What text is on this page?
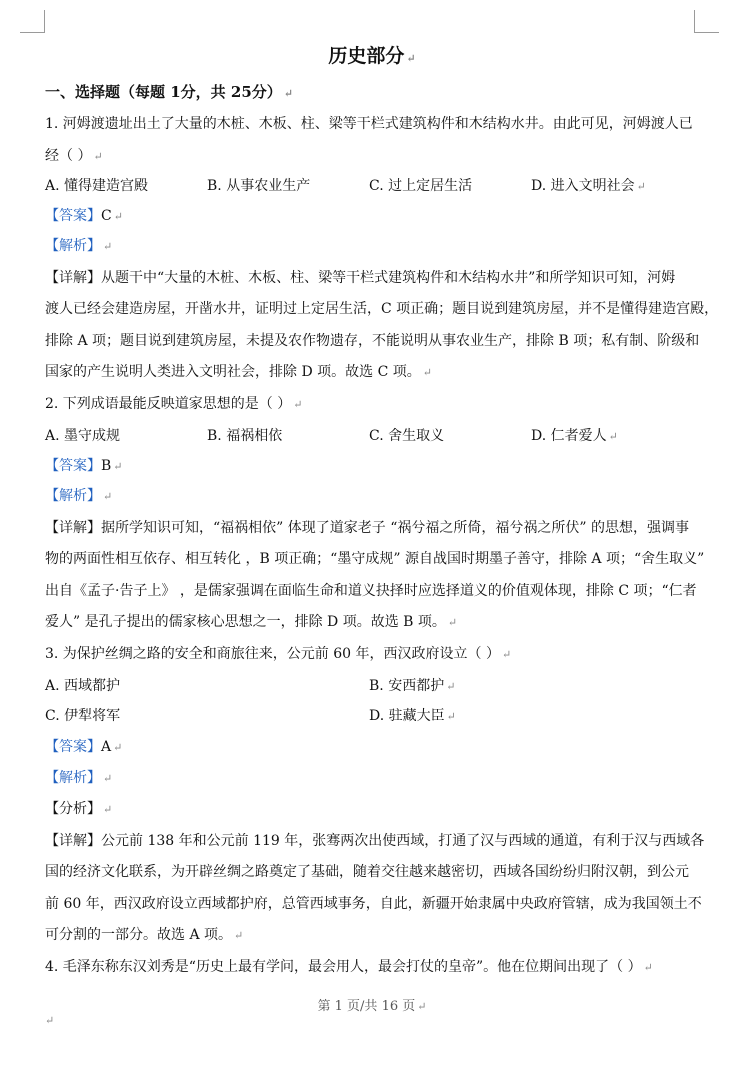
历史部分 ↵
一、选择题（每题 1分，共 25分） ↵
1. 河姆渡遗址出土了大量的木桩、木板、柱、梁等干栏式建筑构件和木结构水井。由此可见，河姆渡人已
经（ ） ↵
A. 懂得建造宫殿	B. 从事农业生产	C. 过上定居生活	D. 进入文明社会 ↵
【答案】C ↵
【解析】 ↵
【详解】从题干中“大量的木桩、木板、柱、梁等干栏式建筑构件和木结构水井”和所学知识可知，河姆
渡人已经会建造房屋，开凿水井，证明过上定居生活，C 项正确；题目说到建筑房屋，并不是懂得建造宫殿，
排除 A 项；题目说到建筑房屋，未提及农作物遗存，不能说明从事农业生产，排除 B 项；私有制、阶级和
国家的产生说明人类进入文明社会，排除 D 项。故选 C 项。 ↵
2. 下列成语最能反映道家思想的是（ ） ↵
A. 墨守成规	B. 福祸相依	C. 舍生取义	D. 仁者爱人 ↵
【答案】B ↵
【解析】 ↵
【详解】据所学知识可知，“福祸相依” 体现了道家老子 “祸兮福之所倚，福兮祸之所伏” 的思想，强调事
物的两面性相互依存、相互转化 ，B 项正确；“墨守成规” 源自战国时期墨子善守，排除 A 项；“舍生取义”
出自《孟子·告子上》 ，是儒家强调在面临生命和道义抉择时应选择道义的价值观体现，排除 C 项；“仁者
爱人” 是孔子提出的儒家核心思想之一，排除 D 项。故选 B 项。 ↵
3. 为保护丝绸之路的安全和商旅往来，公元前 60 年，西汉政府设立（ ） ↵
A. 西域都护	B. 安西都护 ↵
C. 伊犁将军	D. 驻藏大臣 ↵
【答案】A ↵
【解析】 ↵
【分析】 ↵
【详解】公元前 138 年和公元前 119 年，张骞两次出使西域，打通了汉与西域的通道，有利于汉与西域各
国的经济文化联系，为开辟丝绸之路奠定了基础，随着交往越来越密切，西域各国纷纷归附汉朝，到公元
前 60 年，西汉政府设立西域都护府，总管西域事务，自此，新疆开始隶属中央政府管辖，成为我国领土不
可分割的一部分。故选 A 项。 ↵
4. 毛泽东称东汉刘秀是“历史上最有学问，最会用人，最会打仗的皇帝”。他在位期间出现了（ ） ↵
第 1 页/共 16 页 ↵
↵
